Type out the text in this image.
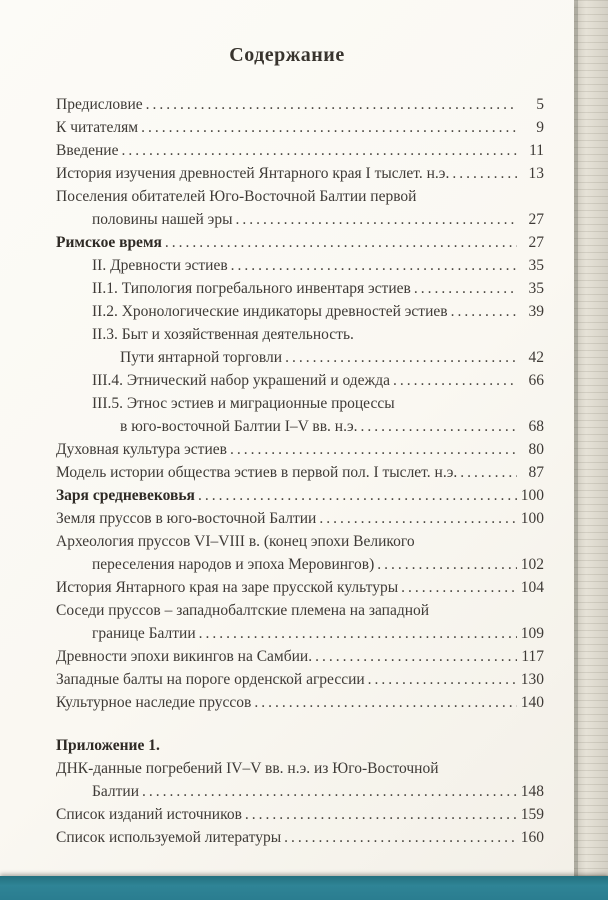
Содержание
Предисловие .....	5
К читателям .....	9
Введение .....	11
История изучения древностей Янтарного края I тыслет. н.э. .....	13
Поселения обитателей Юго-Восточной Балтии первой
половины нашей эры .....	27
Римское время .....	27
II. Древности эстиев .....	35
II.1. Типология погребального инвентаря эстиев .....	35
II.2. Хронологические индикаторы древностей эстиев .....	39
II.3. Быт и хозяйственная деятельность.
Пути янтарной торговли .....	42
III.4. Этнический набор украшений и одежда .....	66
III.5. Этнос эстиев и миграционные процессы
в юго-восточной Балтии I–V вв. н.э. .....	68
Духовная культура эстиев .....	80
Модель истории общества эстиев в первой пол. I тыслет. н.э. .....	87
Заря средневековья .....	100
Земля пруссов в юго-восточной Балтии .....	100
Археология пруссов VI–VIII в. (конец эпохи Великого
переселения народов и эпоха Меровингов) .....	102
История Янтарного края на заре прусской культуры .....	104
Соседи пруссов – западнобалтские племена на западной
границе Балтии .....	109
Древности эпохи викингов на Самбии. .....	117
Западные балты на пороге орденской агрессии .....	130
Культурное наследие пруссов .....	140
Приложение 1.
ДНК-данные погребений IV–V вв. н.э. из Юго-Восточной
Балтии .....	148
Список изданий источников .....	159
Список используемой литературы .....	160
